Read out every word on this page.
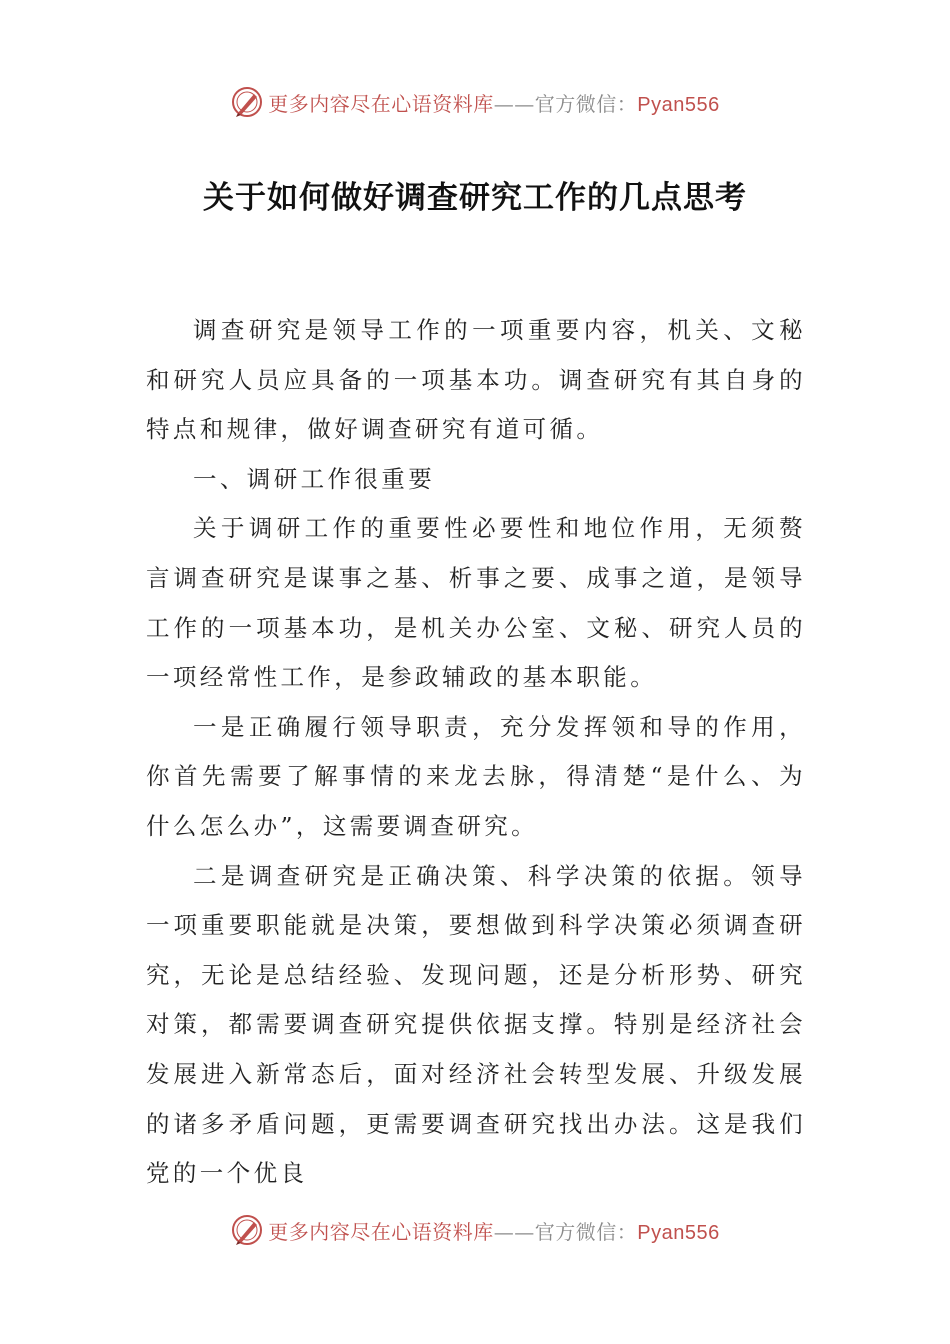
更多内容尽在心语资料库——官方微信：Pyan556
关于如何做好调查研究工作的几点思考

调查研究是领导工作的一项重要内容，机关、文秘和研究人员应具备的一项基本功。调查研究有其自身的特点和规律，做好调查研究有道可循。

一、调研工作很重要

关于调研工作的重要性必要性和地位作用，无须赘言调查研究是谋事之基、析事之要、成事之道，是领导工作的一项基本功，是机关办公室、文秘、研究人员的一项经常性工作，是参政辅政的基本职能。

一是正确履行领导职责，充分发挥领和导的作用，你首先需要了解事情的来龙去脉，得清楚“是什么、为什么怎么办”，这需要调查研究。

二是调查研究是正确决策、科学决策的依据。领导一项重要职能就是决策，要想做到科学决策必须调查研究，无论是总结经验、发现问题，还是分析形势、研究对策，都需要调查研究提供依据支撑。特别是经济社会发展进入新常态后，面对经济社会转型发展、升级发展的诸多矛盾问题，更需要调查研究找出办法。这是我们党的一个优良

更多内容尽在心语资料库——官方微信：Pyan556
